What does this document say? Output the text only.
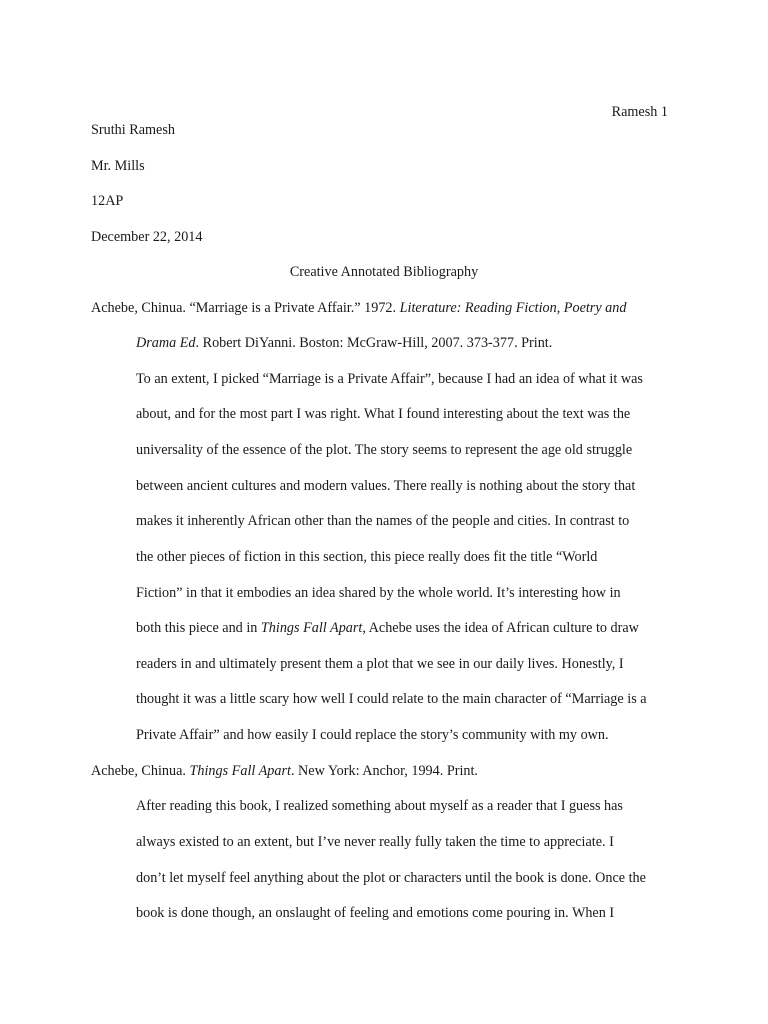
Ramesh 1
Sruthi Ramesh
Mr. Mills
12AP
December 22, 2014
Creative Annotated Bibliography
Achebe, Chinua. “Marriage is a Private Affair.” 1972. Literature: Reading Fiction, Poetry and
Drama Ed. Robert DiYanni. Boston: McGraw-Hill, 2007. 373-377. Print.
To an extent, I picked “Marriage is a Private Affair”, because I had an idea of what it was
about, and for the most part I was right. What I found interesting about the text was the
universality of the essence of the plot. The story seems to represent the age old struggle
between ancient cultures and modern values. There really is nothing about the story that
makes it inherently African other than the names of the people and cities. In contrast to
the other pieces of fiction in this section, this piece really does fit the title “World
Fiction” in that it embodies an idea shared by the whole world. It’s interesting how in
both this piece and in Things Fall Apart, Achebe uses the idea of African culture to draw
readers in and ultimately present them a plot that we see in our daily lives. Honestly, I
thought it was a little scary how well I could relate to the main character of “Marriage is a
Private Affair” and how easily I could replace the story’s community with my own.
Achebe, Chinua. Things Fall Apart. New York: Anchor, 1994. Print.
After reading this book, I realized something about myself as a reader that I guess has
always existed to an extent, but I’ve never really fully taken the time to appreciate. I
don’t let myself feel anything about the plot or characters until the book is done. Once the
book is done though, an onslaught of feeling and emotions come pouring in. When I
